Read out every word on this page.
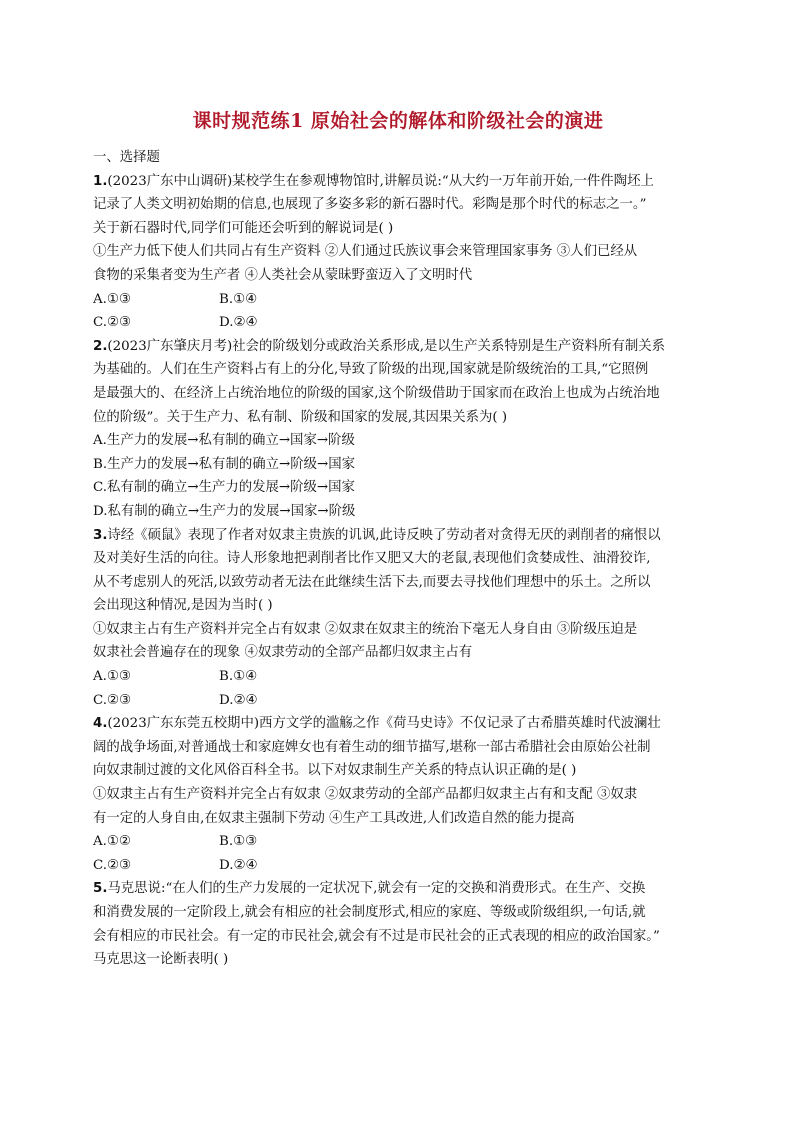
课时规范练1 原始社会的解体和阶级社会的演进

一、选择题

1.(2023广东中山调研)某校学生在参观博物馆时,讲解员说:“从大约一万年前开始,一件件陶坯上

记录了人类文明初始期的信息,也展现了多姿多彩的新石器时代。彩陶是那个时代的标志之一。”

关于新石器时代,同学们可能还会听到的解说词是( )

①生产力低下使人们共同占有生产资料 ②人们通过氏族议事会来管理国家事务 ③人们已经从

食物的采集者变为生产者 ④人类社会从蒙昧野蛮迈入了文明时代

A.①③	B.①④

C.②③	D.②④

2.(2023广东肇庆月考)社会的阶级划分或政治关系形成,是以生产关系特别是生产资料所有制关系

为基础的。人们在生产资料占有上的分化,导致了阶级的出现,国家就是阶级统治的工具,“它照例

是最强大的、在经济上占统治地位的阶级的国家,这个阶级借助于国家而在政治上也成为占统治地

位的阶级”。关于生产力、私有制、阶级和国家的发展,其因果关系为( )

A.生产力的发展→私有制的确立→国家→阶级

B.生产力的发展→私有制的确立→阶级→国家

C.私有制的确立→生产力的发展→阶级→国家

D.私有制的确立→生产力的发展→国家→阶级

3.诗经《硕鼠》表现了作者对奴隶主贵族的讥讽,此诗反映了劳动者对贪得无厌的剥削者的痛恨以

及对美好生活的向往。诗人形象地把剥削者比作又肥又大的老鼠,表现他们贪婪成性、油滑狡诈,

从不考虑别人的死活,以致劳动者无法在此继续生活下去,而要去寻找他们理想中的乐土。之所以

会出现这种情况,是因为当时( )

①奴隶主占有生产资料并完全占有奴隶 ②奴隶在奴隶主的统治下毫无人身自由 ③阶级压迫是

奴隶社会普遍存在的现象 ④奴隶劳动的全部产品都归奴隶主占有

A.①③	B.①④

C.②③	D.②④

4.(2023广东东莞五校期中)西方文学的滥觞之作《荷马史诗》不仅记录了古希腊英雄时代波澜壮

阔的战争场面,对普通战士和家庭婢女也有着生动的细节描写,堪称一部古希腊社会由原始公社制

向奴隶制过渡的文化风俗百科全书。以下对奴隶制生产关系的特点认识正确的是( )

①奴隶主占有生产资料并完全占有奴隶 ②奴隶劳动的全部产品都归奴隶主占有和支配 ③奴隶

有一定的人身自由,在奴隶主强制下劳动 ④生产工具改进,人们改造自然的能力提高

A.①②	B.①③

C.②③	D.②④

5.马克思说:“在人们的生产力发展的一定状况下,就会有一定的交换和消费形式。在生产、交换

和消费发展的一定阶段上,就会有相应的社会制度形式,相应的家庭、等级或阶级组织,一句话,就

会有相应的市民社会。有一定的市民社会,就会有不过是市民社会的正式表现的相应的政治国家。”

马克思这一论断表明( )
